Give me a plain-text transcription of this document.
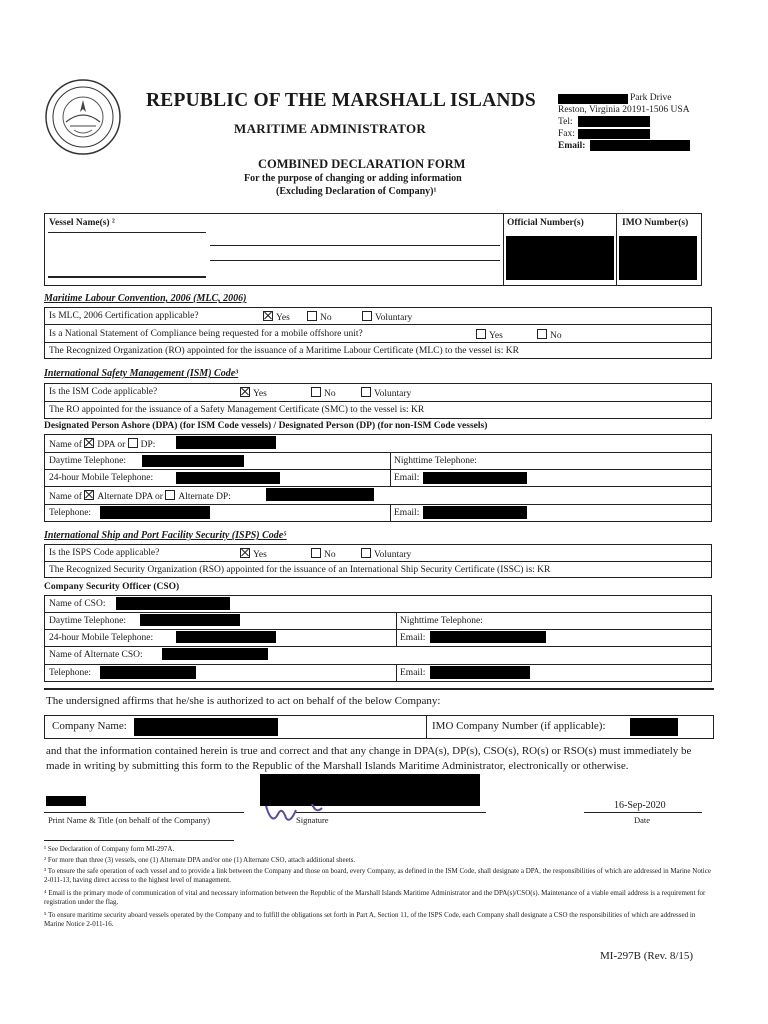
REPUBLIC OF THE MARSHALL ISLANDS
MARITIME ADMINISTRATOR
Park Drive
Reston, Virginia 20191-1506 USA
Tel:
Fax:
Email:
COMBINED DECLARATION FORM
For the purpose of changing or adding information
(Excluding Declaration of Company)¹
Vessel Name(s) ²	Official Number(s)	IMO Number(s)
Maritime Labour Convention, 2006 (MLC, 2006)
Is MLC, 2006 Certification applicable?	Yes	No	Voluntary
Is a National Statement of Compliance being requested for a mobile offshore unit?	Yes	No
The Recognized Organization (RO) appointed for the issuance of a Maritime Labour Certificate (MLC) to the vessel is: KR
International Safety Management (ISM) Code³
Is the ISM Code applicable?	Yes	No	Voluntary
The RO appointed for the issuance of a Safety Management Certificate (SMC) to the vessel is: KR
Designated Person Ashore (DPA) (for ISM Code vessels) / Designated Person (DP) (for non-ISM Code vessels)
Name of DPA or DP:
Daytime Telephone:	Nighttime Telephone:
24-hour Mobile Telephone:	Email:
Name of Alternate DPA or Alternate DP:
Telephone:	Email:
International Ship and Port Facility Security (ISPS) Code⁵
Is the ISPS Code applicable?	Yes	No	Voluntary
The Recognized Security Organization (RSO) appointed for the issuance of an International Ship Security Certificate (ISSC) is: KR
Company Security Officer (CSO)
Name of CSO:
Daytime Telephone:	Nighttime Telephone:
24-hour Mobile Telephone:	Email:
Name of Alternate CSO:
Telephone:	Email:
The undersigned affirms that he/she is authorized to act on behalf of the below Company:
Company Name:	IMO Company Number (if applicable):
and that the information contained herein is true and correct and that any change in DPA(s), DP(s), CSO(s), RO(s) or RSO(s) must immediately be made in writing by submitting this form to the Republic of the Marshall Islands Maritime Administrator, electronically or otherwise.
Print Name & Title (on behalf of the Company)	Signature
16-Sep-2020
Date
¹ See Declaration of Company form MI-297A.
² For more than three (3) vessels, one (1) Alternate DPA and/or one (1) Alternate CSO, attach additional sheets.
³ To ensure the safe operation of each vessel and to provide a link between the Company and those on board, every Company, as defined in the ISM Code, shall designate a DPA, the responsibilities of which are addressed in Marine Notice 2-011-13, having direct access to the highest level of management.
⁴ Email is the primary mode of communication of vital and necessary information between the Republic of the Marshall Islands Maritime Administrator and the DPA(s)/CSO(s). Maintenance of a viable email address is a requirement for registration under the flag.
⁵ To ensure maritime security aboard vessels operated by the Company and to fulfill the obligations set forth in Part A, Section 11, of the ISPS Code, each Company shall designate a CSO the responsibilities of which are addressed in Marine Notice 2-011-16.
MI-297B (Rev. 8/15)
